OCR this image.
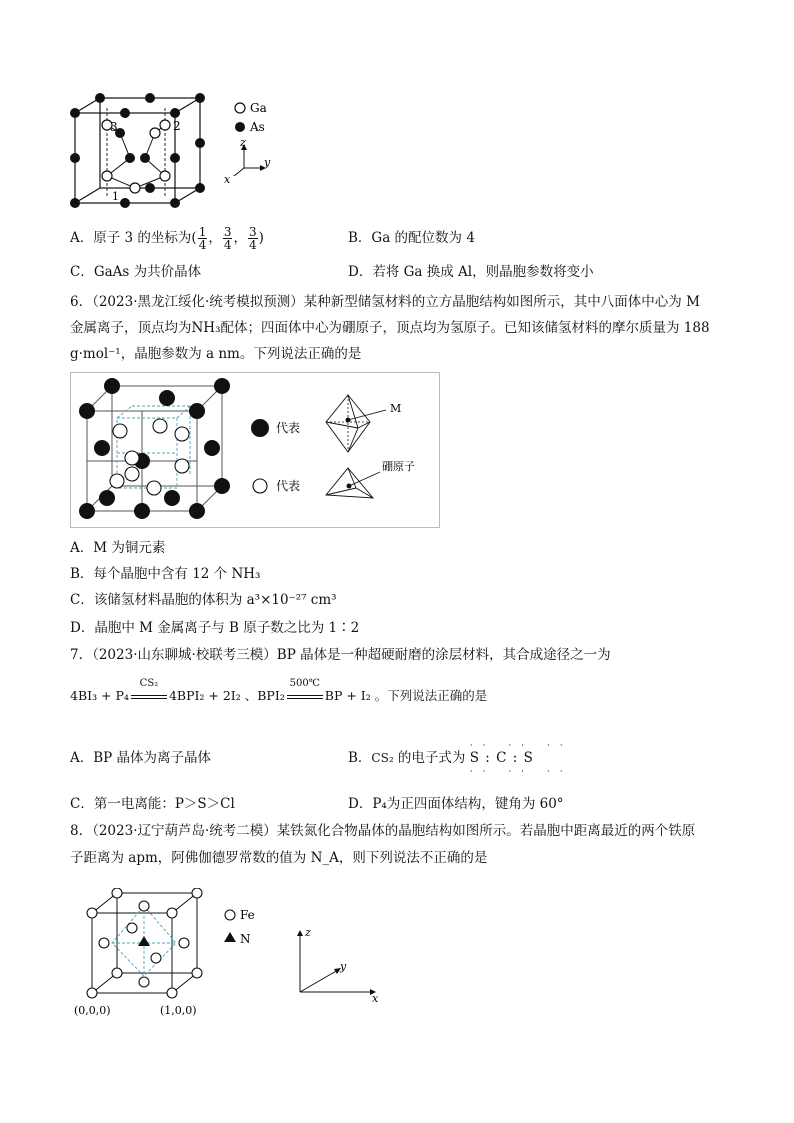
3	2
1
Ga
As
z
y
x
A．原子 3 的坐标为( $\frac{1}{4}$ ， $\frac{3}{4}$ ， $\frac{3}{4}$ )	B．Ga 的配位数为 4
C．GaAs 为共价晶体	D．若将 Ga 换成 Al，则晶胞参数将变小
6．（2023·黑龙江绥化·统考模拟预测）某种新型储氢材料的立方晶胞结构如图所示，其中八面体中心为 M
金属离子，顶点均为NH₃配体；四面体中心为硼原子，顶点均为氢原子。已知该储氢材料的摩尔质量为 188
g·mol⁻¹，晶胞参数为 a nm。下列说法正确的是
代表
代表
M
硼原子
A．M 为铜元素
B．每个晶胞中含有 12 个 NH₃
C．该储氢材料晶胞的体积为 a³×10⁻²⁷ cm³
D．晶胞中 M 金属离子与 B 原子数之比为 1∶2
7．（2023·山东聊城·校联考三模）BP 晶体是一种超硬耐磨的涂层材料，其合成途径之一为
4BI₃ + P₄
CS₂
4BPI₂ + 2I₂ 、BPI₂
500℃
BP + I₂ 。下列说法正确的是
A．BP 晶体为离子晶体	B．CS₂ 的电子式为 S : C : S
·· ·· ··
·· ·· ··
C．第一电离能：P＞S＞Cl	D．P₄为正四面体结构，键角为 60°
8．（2023·辽宁葫芦岛·统考二模）某铁氮化合物晶体的晶胞结构如图所示。若晶胞中距离最近的两个铁原
子距离为 apm，阿佛伽德罗常数的值为 N_A，则下列说法不正确的是
(0,0,0)	(1,0,0)
Fe
N	z
y
x
